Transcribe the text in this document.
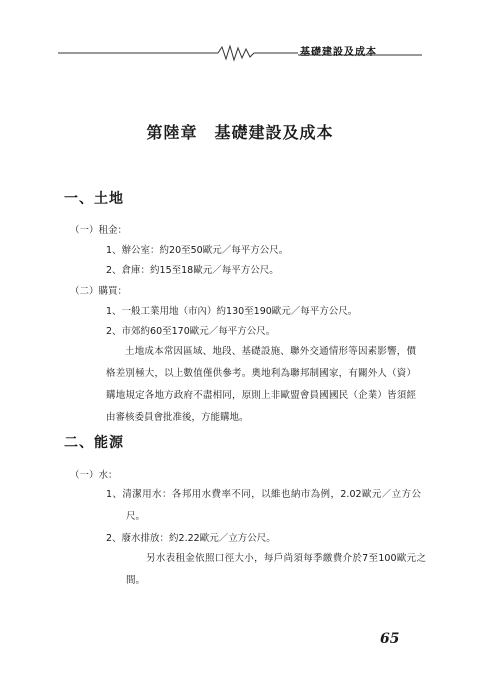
基礎建設及成本
第陸章　基礎建設及成本
一、土地
（一）租金：
1、辦公室：約20至50歐元／每平方公尺。
2、倉庫：約15至18歐元／每平方公尺。
（二）購買：
1、一般工業用地（市內）約130至190歐元／每平方公尺。
2、市郊約60至170歐元／每平方公尺。
土地成本常因區域、地段、基礎設施、聯外交通情形等因素影響，價格差別極大，以上數值僅供參考。奧地利為聯邦制國家，有關外人（資）購地規定各地方政府不盡相同，原則上非歐盟會員國國民（企業）皆須經由審核委員會批准後，方能購地。
二、能源
（一）水：
1、清潔用水：各邦用水費率不同，以維也納市為例，2.02歐元／立方公尺。
2、廢水排放：約2.22歐元／立方公尺。
另水表租金依照口徑大小，每戶尚須每季繳費介於7至100歐元之間。
65
